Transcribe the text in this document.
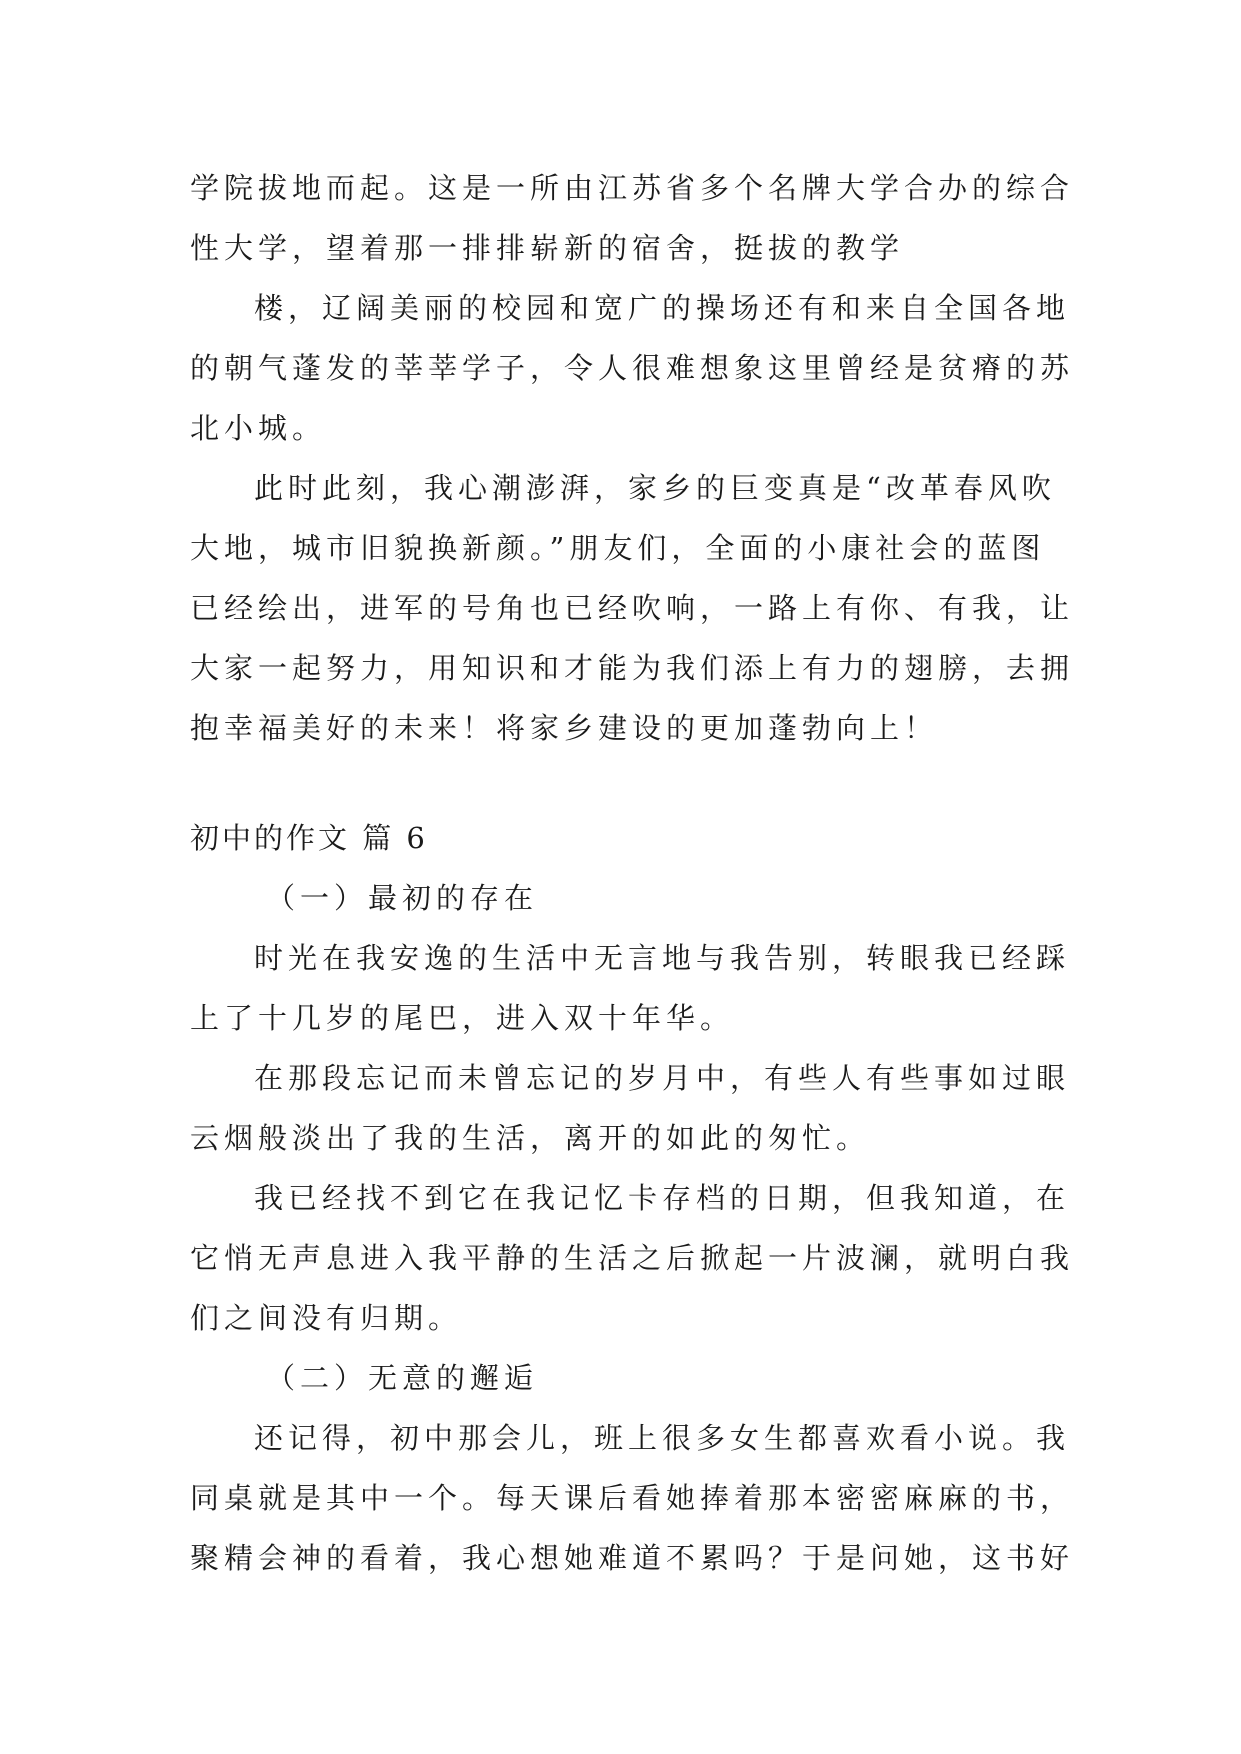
学院拔地而起。这是一所由江苏省多个名牌大学合办的综合
性大学，望着那一排排崭新的宿舍，挺拔的教学
楼，辽阔美丽的校园和宽广的操场还有和来自全国各地
的朝气蓬发的莘莘学子，令人很难想象这里曾经是贫瘠的苏
北小城。
此时此刻，我心潮澎湃，家乡的巨变真是“改革春风吹
大地，城市旧貌换新颜。”朋友们，全面的小康社会的蓝图
已经绘出，进军的号角也已经吹响，一路上有你、有我，让
大家一起努力，用知识和才能为我们添上有力的翅膀，去拥
抱幸福美好的未来！将家乡建设的更加蓬勃向上！
初中的作文 篇 6
（一）最初的存在
时光在我安逸的生活中无言地与我告别，转眼我已经踩
上了十几岁的尾巴，进入双十年华。
在那段忘记而未曾忘记的岁月中，有些人有些事如过眼
云烟般淡出了我的生活，离开的如此的匆忙。
我已经找不到它在我记忆卡存档的日期，但我知道，在
它悄无声息进入我平静的生活之后掀起一片波澜，就明白我
们之间没有归期。
（二）无意的邂逅
还记得，初中那会儿，班上很多女生都喜欢看小说。我
同桌就是其中一个。每天课后看她捧着那本密密麻麻的书，
聚精会神的看着，我心想她难道不累吗？于是问她，这书好
